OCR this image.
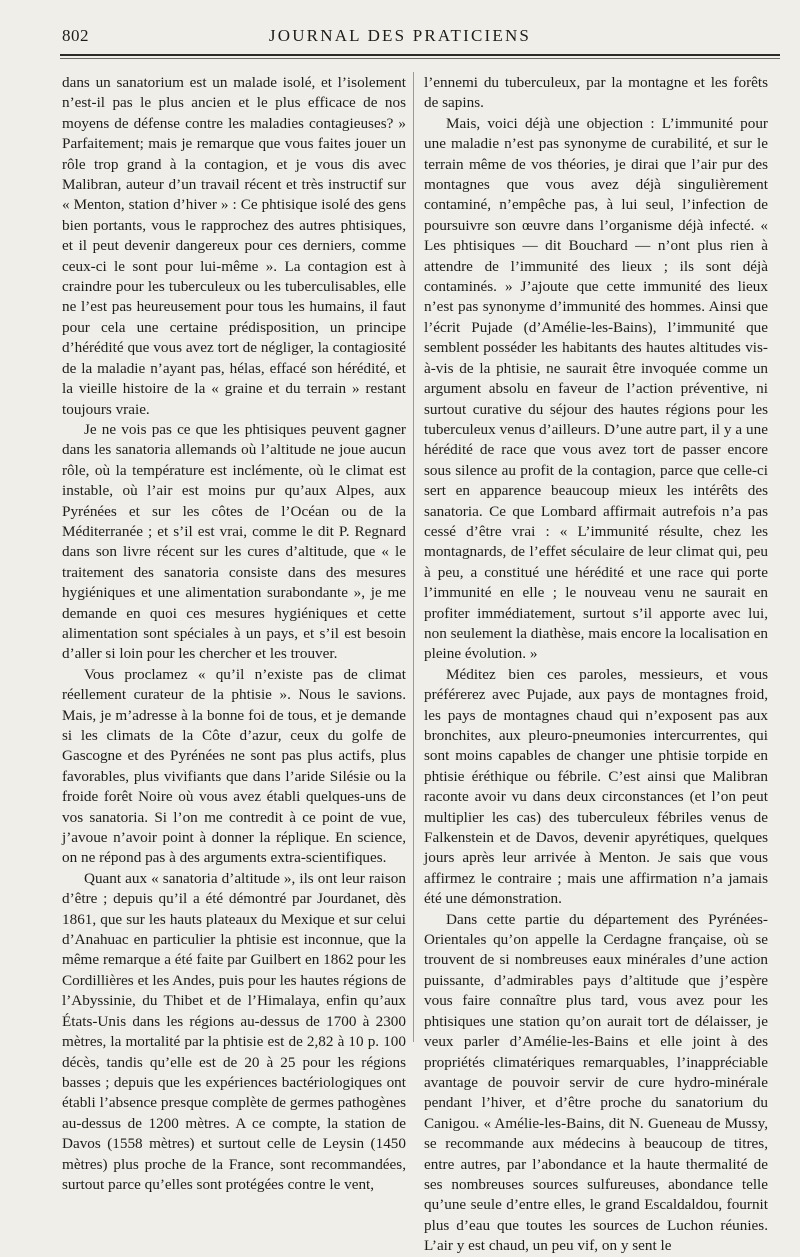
802	JOURNAL DES PRATICIENS

dans un sanatorium est un malade isolé, et l’isolement n’est-il pas le plus ancien et le plus efficace de nos moyens de défense contre les maladies contagieuses? » Parfaitement; mais je remarque que vous faites jouer un rôle trop grand à la contagion, et je vous dis avec Malibran, auteur d’un travail récent et très instructif sur « Menton, station d’hiver » : Ce phtisique isolé des gens bien portants, vous le rapprochez des autres phtisiques, et il peut devenir dangereux pour ces derniers, comme ceux-ci le sont pour lui-même ». La contagion est à craindre pour les tuberculeux ou les tuberculisables, elle ne l’est pas heureusement pour tous les humains, il faut pour cela une certaine prédisposition, un principe d’hérédité que vous avez tort de négliger, la contagiosité de la maladie n’ayant pas, hélas, effacé son hérédité, et la vieille histoire de la « graine et du terrain » restant toujours vraie.

Je ne vois pas ce que les phtisiques peuvent gagner dans les sanatoria allemands où l’altitude ne joue aucun rôle, où la température est inclémente, où le climat est instable, où l’air est moins pur qu’aux Alpes, aux Pyrénées et sur les côtes de l’Océan ou de la Méditerranée ; et s’il est vrai, comme le dit P. Regnard dans son livre récent sur les cures d’altitude, que « le traitement des sanatoria consiste dans des mesures hygiéniques et une alimentation surabondante », je me demande en quoi ces mesures hygiéniques et cette alimentation sont spéciales à un pays, et s’il est besoin d’aller si loin pour les chercher et les trouver.

Vous proclamez « qu’il n’existe pas de climat réellement curateur de la phtisie ». Nous le savions. Mais, je m’adresse à la bonne foi de tous, et je demande si les climats de la Côte d’azur, ceux du golfe de Gascogne et des Pyrénées ne sont pas plus actifs, plus favorables, plus vivifiants que dans l’aride Silésie ou la froide forêt Noire où vous avez établi quelques-uns de vos sanatoria. Si l’on me contredit à ce point de vue, j’avoue n’avoir point à donner la réplique. En science, on ne répond pas à des arguments extra-scientifiques.

Quant aux « sanatoria d’altitude », ils ont leur raison d’être ; depuis qu’il a été démontré par Jourdanet, dès 1861, que sur les hauts plateaux du Mexique et sur celui d’Anahuac en particulier la phtisie est inconnue, que la même remarque a été faite par Guilbert en 1862 pour les Cordillières et les Andes, puis pour les hautes régions de l’Abyssinie, du Thibet et de l’Himalaya, enfin qu’aux États-Unis dans les régions au-dessus de 1700 à 2300 mètres, la mortalité par la phtisie est de 2,82 à 10 p. 100 décès, tandis qu’elle est de 20 à 25 pour les régions basses ; depuis que les expériences bactériologiques ont établi l’absence presque complète de germes pathogènes au-dessus de 1200 mètres. A ce compte, la station de Davos (1558 mètres) et surtout celle de Leysin (1450 mètres) plus proche de la France, sont recommandées, surtout parce qu’elles sont protégées contre le vent,

l’ennemi du tuberculeux, par la montagne et les forêts de sapins.

Mais, voici déjà une objection : L’immunité pour une maladie n’est pas synonyme de curabilité, et sur le terrain même de vos théories, je dirai que l’air pur des montagnes que vous avez déjà singulièrement contaminé, n’empêche pas, à lui seul, l’infection de poursuivre son œuvre dans l’organisme déjà infecté. « Les phtisiques — dit Bouchard — n’ont plus rien à attendre de l’immunité des lieux ; ils sont déjà contaminés. » J’ajoute que cette immunité des lieux n’est pas synonyme d’immunité des hommes. Ainsi que l’écrit Pujade (d’Amélie-les-Bains), l’immunité que semblent posséder les habitants des hautes altitudes vis-à-vis de la phtisie, ne saurait être invoquée comme un argument absolu en faveur de l’action préventive, ni surtout curative du séjour des hautes régions pour les tuberculeux venus d’ailleurs. D’une autre part, il y a une hérédité de race que vous avez tort de passer encore sous silence au profit de la contagion, parce que celle-ci sert en apparence beaucoup mieux les intérêts des sanatoria. Ce que Lombard affirmait autrefois n’a pas cessé d’être vrai : « L’immunité résulte, chez les montagnards, de l’effet séculaire de leur climat qui, peu à peu, a constitué une hérédité et une race qui porte l’immunité en elle ; le nouveau venu ne saurait en profiter immédiatement, surtout s’il apporte avec lui, non seulement la diathèse, mais encore la localisation en pleine évolution. »

Méditez bien ces paroles, messieurs, et vous préférerez avec Pujade, aux pays de montagnes froid, les pays de montagnes chaud qui n’exposent pas aux bronchites, aux pleuro-pneumonies intercurrentes, qui sont moins capables de changer une phtisie torpide en phtisie éréthique ou fébrile. C’est ainsi que Malibran raconte avoir vu dans deux circonstances (et l’on peut multiplier les cas) des tuberculeux fébriles venus de Falkenstein et de Davos, devenir apyrétiques, quelques jours après leur arrivée à Menton. Je sais que vous affirmez le contraire ; mais une affirmation n’a jamais été une démonstration.

Dans cette partie du département des Pyrénées-Orientales qu’on appelle la Cerdagne française, où se trouvent de si nombreuses eaux minérales d’une action puissante, d’admirables pays d’altitude que j’espère vous faire connaître plus tard, vous avez pour les phtisiques une station qu’on aurait tort de délaisser, je veux parler d’Amélie-les-Bains et elle joint à des propriétés climatériques remarquables, l’inappréciable avantage de pouvoir servir de cure hydro-minérale pendant l’hiver, et d’être proche du sanatorium du Canigou. « Amélie-les-Bains, dit N. Gueneau de Mussy, se recommande aux médecins à beaucoup de titres, entre autres, par l’abondance et la haute thermalité de ses nombreuses sources sulfureuses, abondance telle qu’une seule d’entre elles, le grand Escaldaldou, fournit plus d’eau que toutes les sources de Luchon réunies. L’air y est chaud, un peu vif, on y sent le
